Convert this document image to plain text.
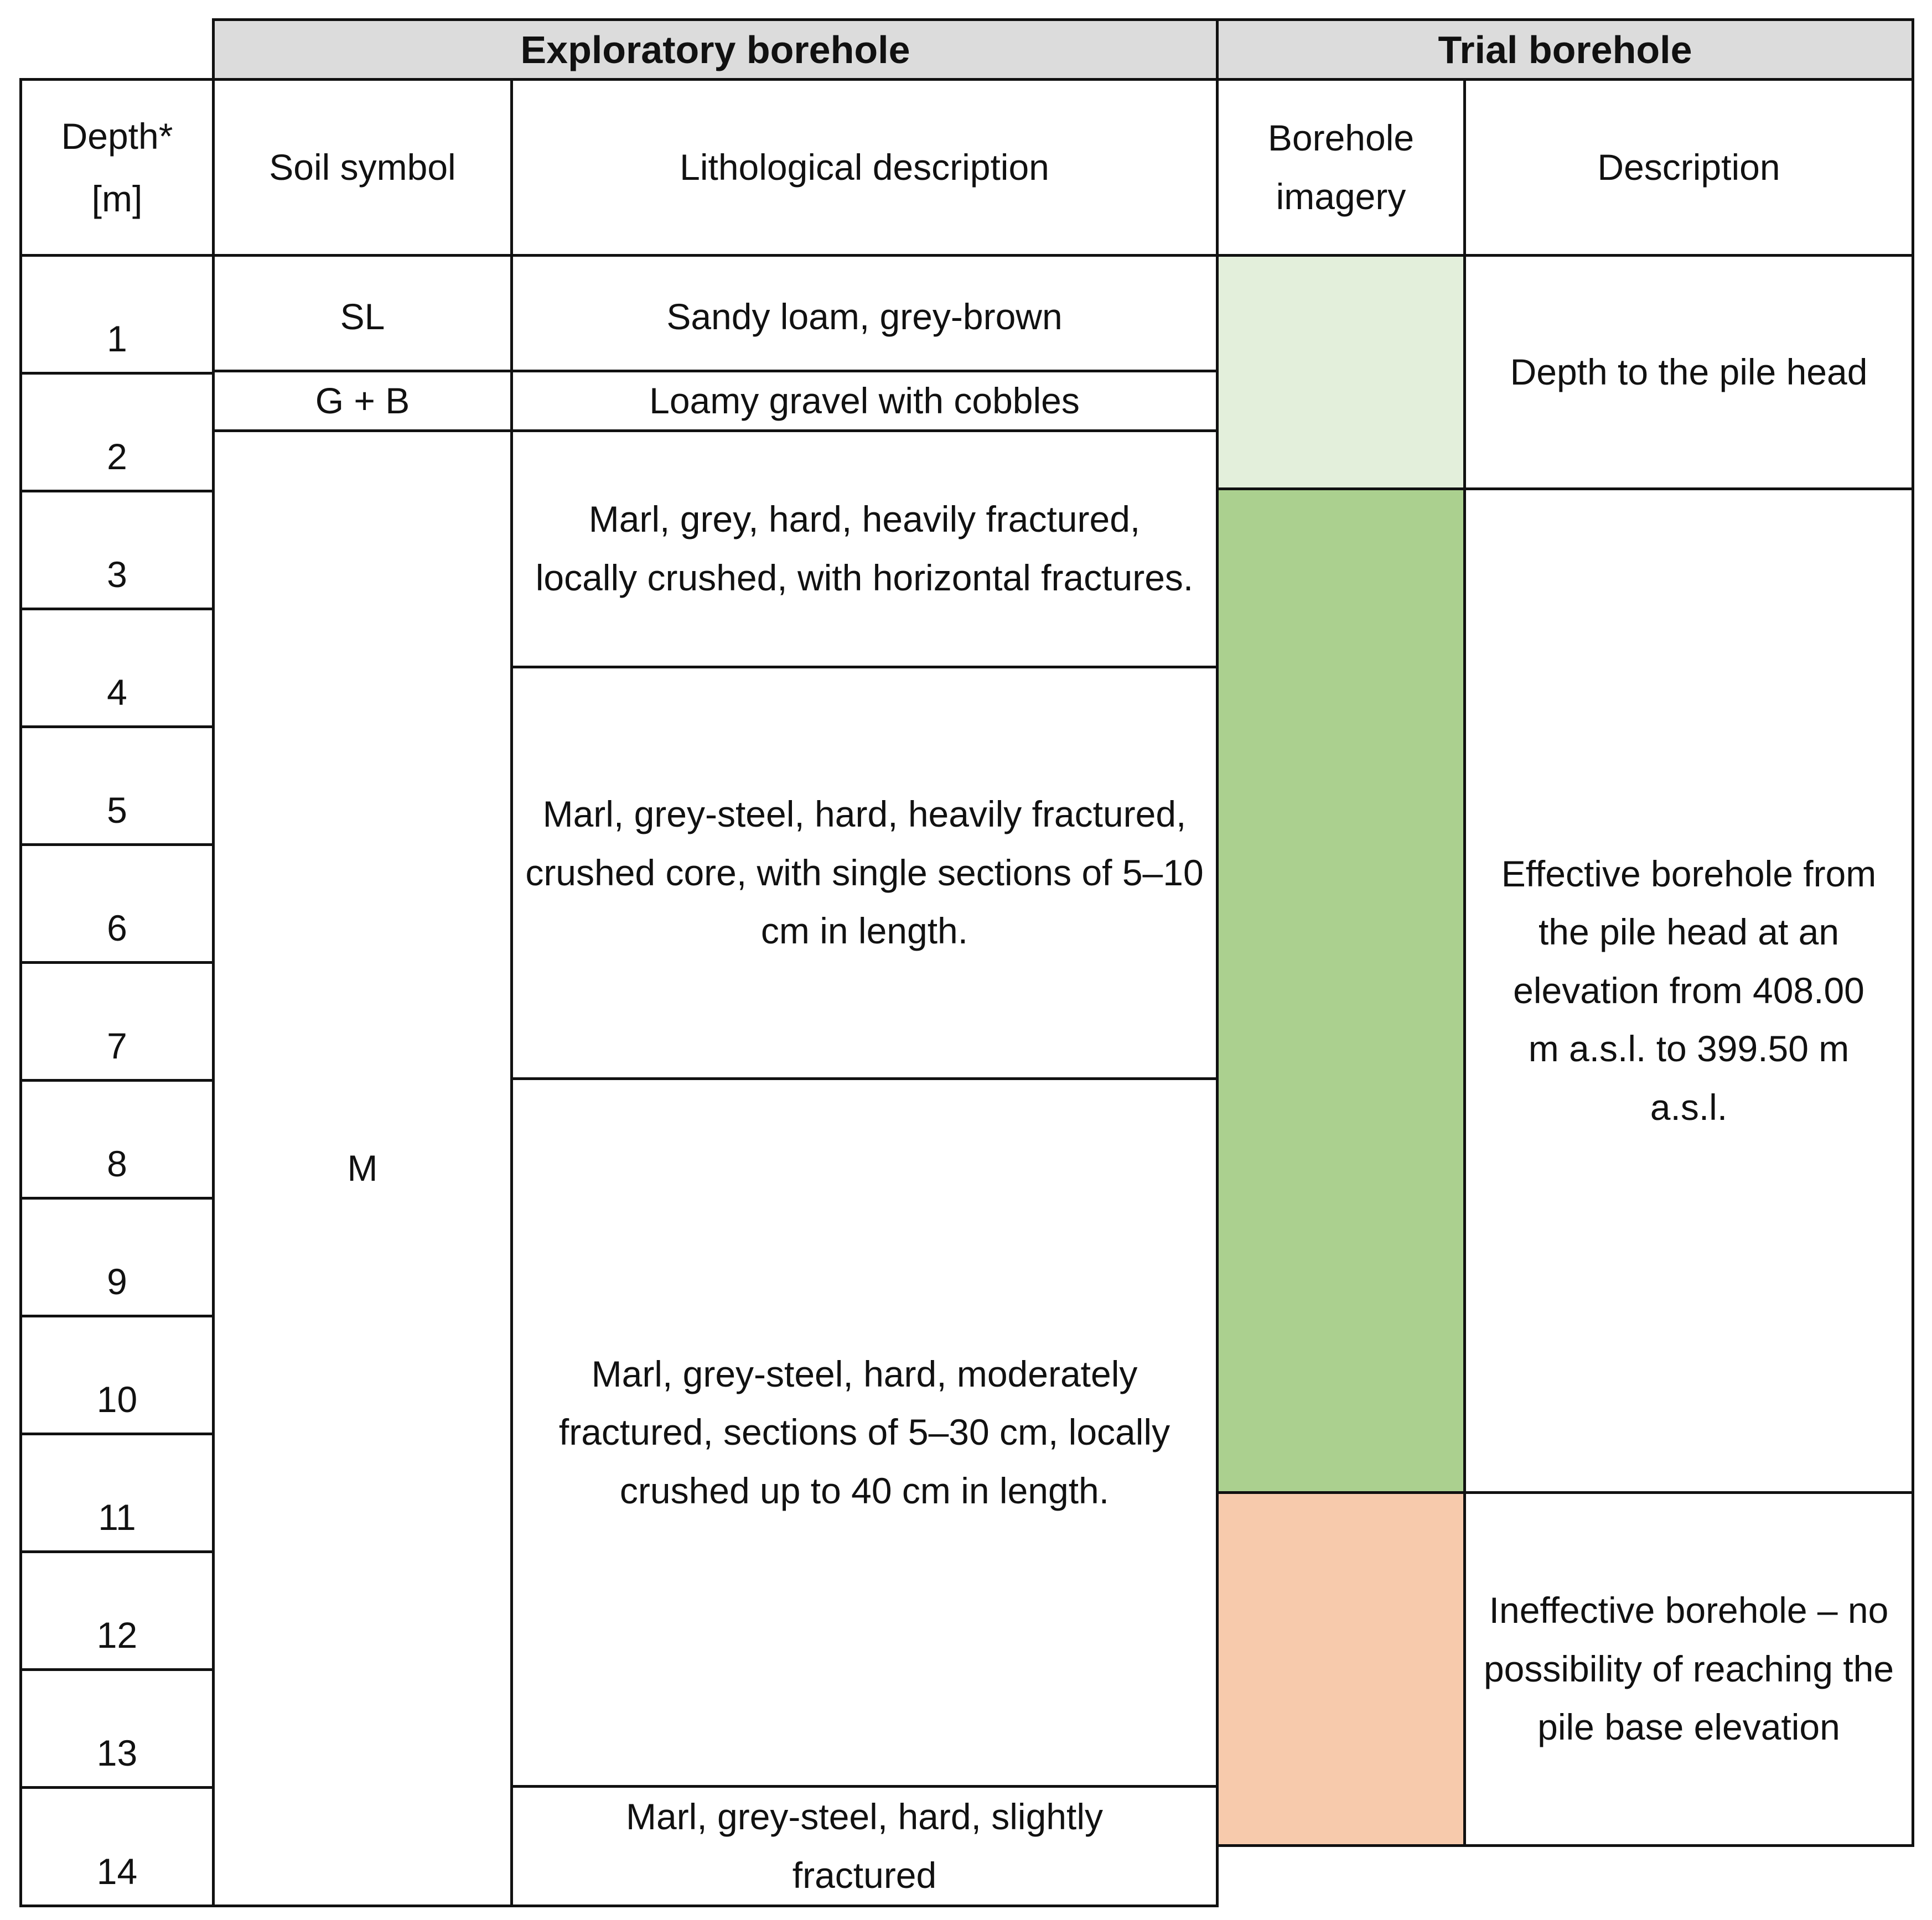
Exploratory borehole	Trial borehole
Depth*
[m]
Soil symbol	Lithological description
Borehole
imagery
Description
1
2
3
4
5
6
7
8
9
10
11
12
13
14
SL
G + B
M
Sandy loam, grey-brown
Loamy gravel with cobbles
Marl, grey, hard, heavily fractured, locally crushed, with horizontal fractures.
Marl, grey-steel, hard, heavily fractured, crushed core, with single sections of 5–10 cm in length.
Marl, grey-steel, hard, moderately fractured, sections of 5–30 cm, locally crushed up to 40 cm in length.
Marl, grey-steel, hard, slightly fractured
Depth to the pile head
Effective borehole from the pile head at an elevation from 408.00 m a.s.l. to 399.50 m a.s.l.
Ineffective borehole – no possibility of reaching the pile base elevation
